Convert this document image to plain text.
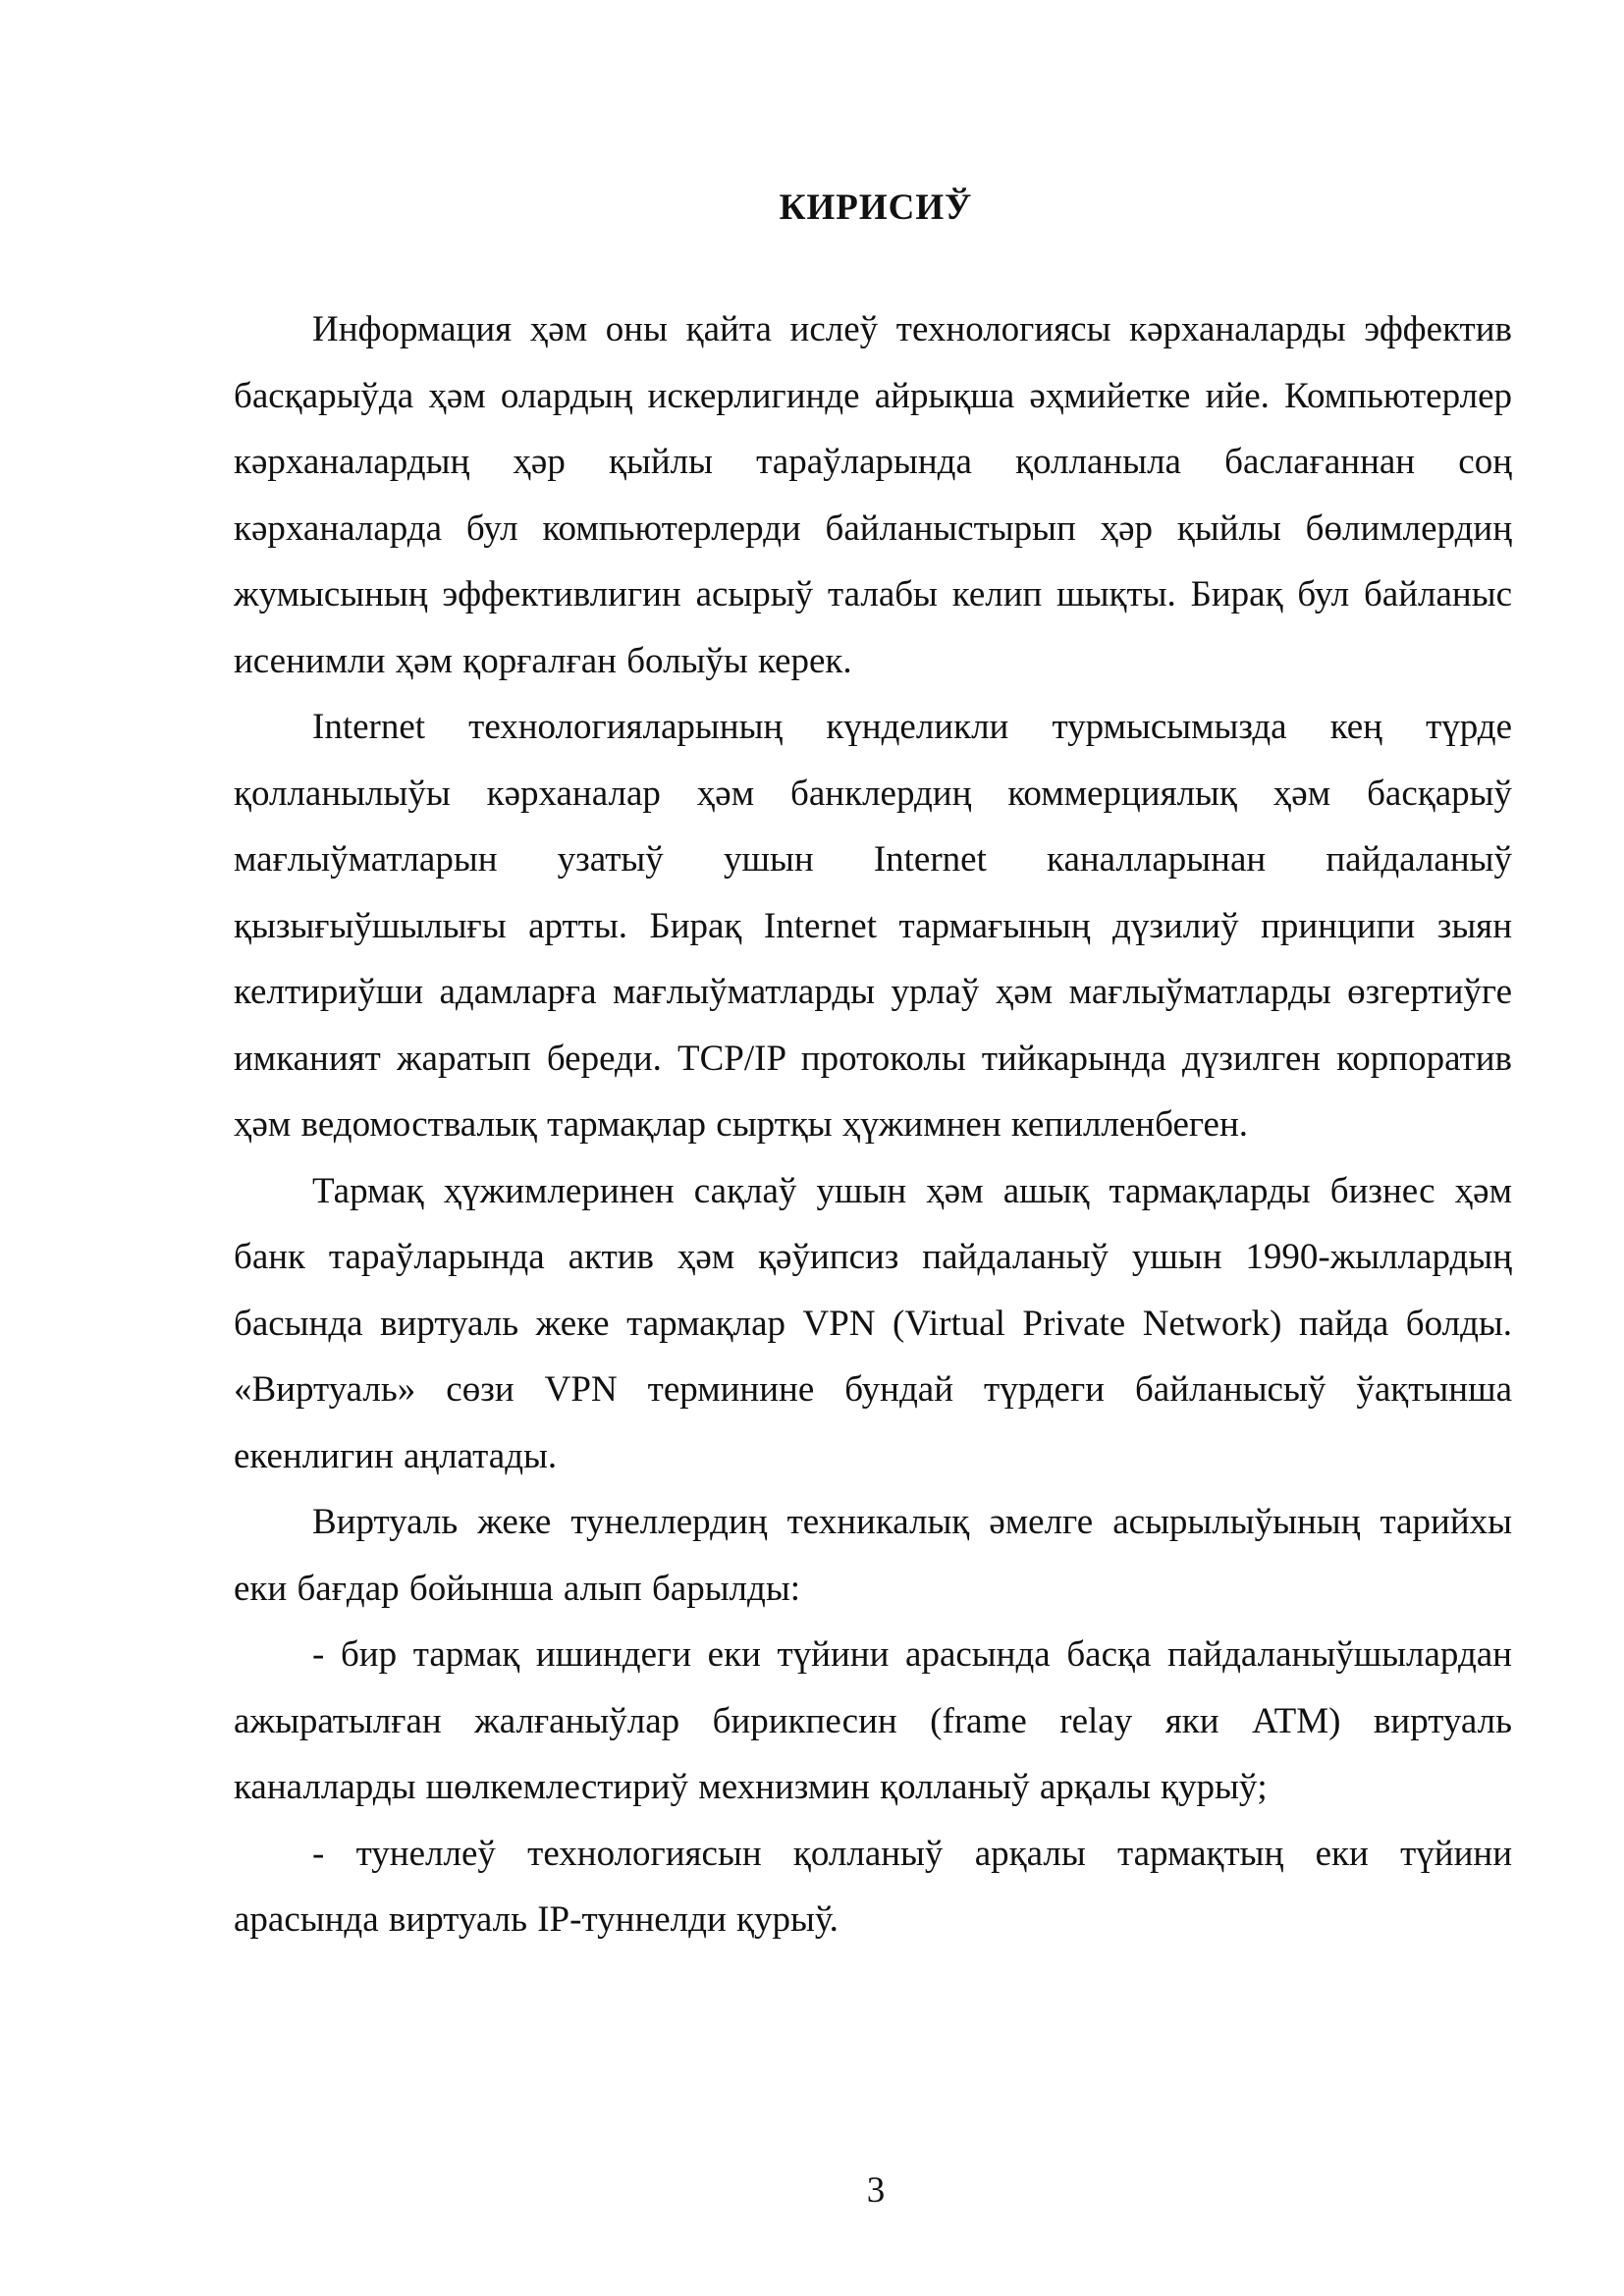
КИРИСИЎ

Информация ҳәм оны қайта ислеў технологиясы кәрханаларды эффектив басқарыўда ҳәм олардың искерлигинде айрықша әҳмийетке ийе. Компьютерлер кәрханалардың ҳәр қыйлы тараўларында қолланыла баслағаннан соң кәрханаларда бул компьютерлерди байланыстырып ҳәр қыйлы бөлимлердиң жумысының эффективлигин асырыў талабы келип шықты. Бирақ бул байланыс исенимли ҳәм қорғалған болыўы керек.

Internet технологияларының күнделикли турмысымызда кең түрде қолланылыўы кәрханалар ҳәм банклердиң коммерциялық ҳәм басқарыў мағлыўматларын узатыў ушын Internet каналларынан пайдаланыў қызығыўшылығы артты. Бирақ Internet тармағының дүзилиў принципи зыян келтириўши адамларға мағлыўматларды урлаў ҳәм мағлыўматларды өзгертиўге имканият жаратып береди. TCP/IP протоколы тийкарында дүзилген корпоратив ҳәм ведомоствалық тармақлар сыртқы ҳүжимнен кепилленбеген.

Тармақ ҳүжимлеринен сақлаў ушын ҳәм ашық тармақларды бизнес ҳәм банк тараўларында актив ҳәм қәўипсиз пайдаланыў ушын 1990-жыллардың басында виртуаль жеке тармақлар VPN (Virtual Private Network) пайда болды. «Виртуаль» сөзи VPN терминине бундай түрдеги байланысыў ўақтынша екенлигин аңлатады.

Виртуаль жеке тунеллердиң техникалық әмелге асырылыўының тарийхы еки бағдар бойынша алып барылды:

- бир тармақ ишиндеги еки түйини арасында басқа пайдаланыўшылардан ажыратылған жалғаныўлар бирикпесин (frame relay яки ATM) виртуаль каналларды шөлкемлестириў мехнизмин қолланыў арқалы қурыў;

- тунеллеў технологиясын қолланыў арқалы тармақтың еки түйини арасында виртуаль IP-туннелди қурыў.

3
